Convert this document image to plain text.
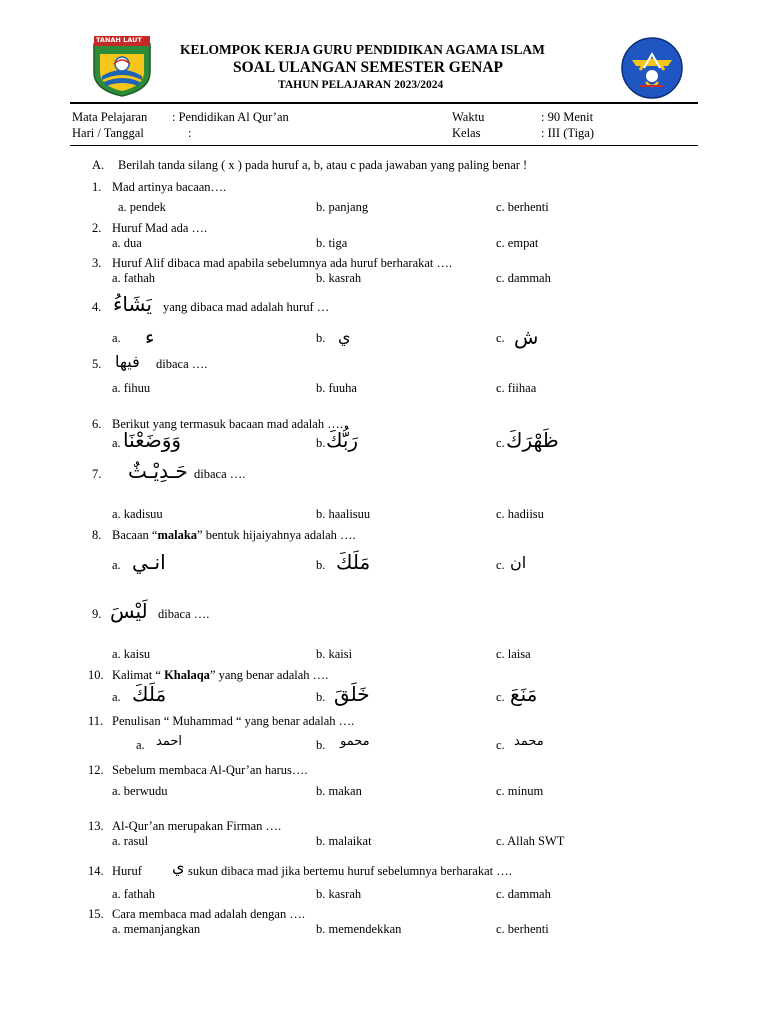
TANAH LAUT
KELOMPOK KERJA GURU PENDIDIKAN AGAMA ISLAM
SOAL ULANGAN SEMESTER GENAP
TAHUN PELAJARAN 2023/2024
Mata Pelajaran : Pendidikan Al Qur’an	Waktu	: 90 Menit
Hari / Tanggal	:	Kelas	: III (Tiga)
A. Berilah tanda silang ( x ) pada huruf a, b, atau c pada jawaban yang paling benar !
1. Mad artinya bacaan….
a. pendek	b. panjang	c. berhenti
2. Huruf Mad ada ….
a. dua	b. tiga	c. empat
3. Huruf Alif dibaca mad apabila sebelumnya ada huruf berharakat ….
a. fathah	b. kasrah	c. dammah
4. يَشَاءُ yang dibaca mad adalah huruf …
a. ء	b. ي	c. ش
5. فيها dibaca ….
a. fihuu	b. fuuha	c. fiihaa
6. Berikut yang termasuk bacaan mad adalah ….
a. وَوَضَعْنَا	b. رَبُّكَ	c. ظَهْرَكَ
7. حَـدِيْـثٌ dibaca ….
a. kadisuu	b. haalisuu	c. hadiisu
8. Bacaan “malaka” bentuk hijaiyahnya adalah ….
a. انـي	b. مَلَكَ	c. ان
9. لَيْسَ dibaca ….
a. kaisu	b. kaisi	c. laisa
10. Kalimat “ Khalaqa” yang benar adalah ….
a. مَلَكَ	b. خَلَقَ	c. مَنَعَ
11. Penulisan “ Muhammad “ yang benar adalah ….
a. احمد	b. محمو	c. محمد
12. Sebelum membaca Al-Qur’an harus….
a. berwudu	b. makan	c. minum
13. Al-Qur’an merupakan Firman ….
a. rasul	b. malaikat	c. Allah SWT
14. Huruf ي sukun dibaca mad jika bertemu huruf sebelumnya berharakat ….
a. fathah	b. kasrah	c. dammah
15. Cara membaca mad adalah dengan ….
a. memanjangkan	b. memendekkan	c. berhenti
